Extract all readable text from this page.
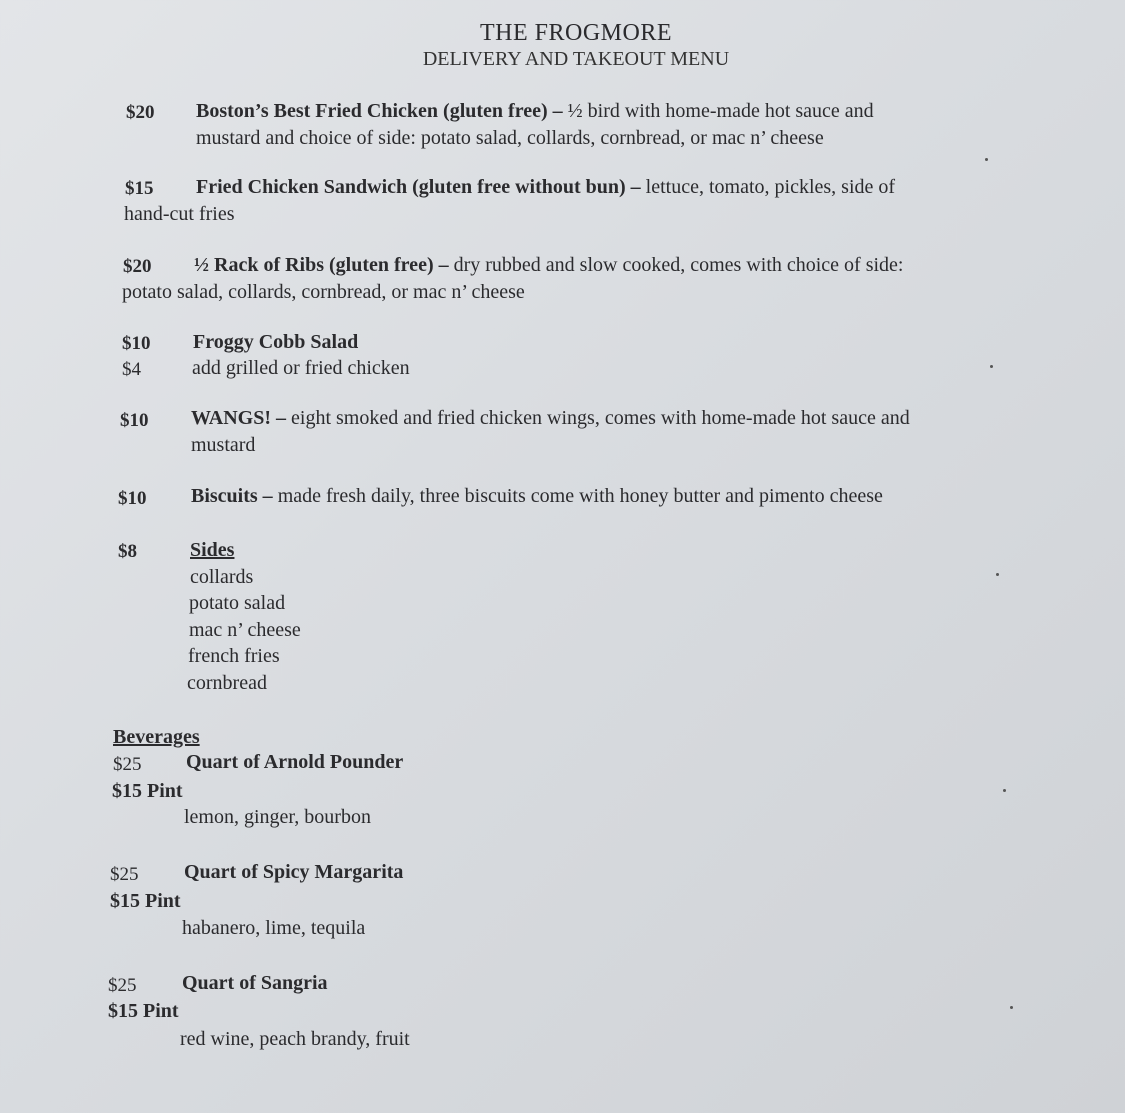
THE FROGMORE
DELIVERY AND TAKEOUT MENU
$20 Boston’s Best Fried Chicken (gluten free) – ½ bird with home-made hot sauce and
mustard and choice of side: potato salad, collards, cornbread, or mac n’ cheese
$15 Fried Chicken Sandwich (gluten free without bun) – lettuce, tomato, pickles, side of
hand-cut fries
$20 ½ Rack of Ribs (gluten free) – dry rubbed and slow cooked, comes with choice of side:
potato salad, collards, cornbread, or mac n’ cheese
$10 Froggy Cobb Salad
$4	add grilled or fried chicken
$10 WANGS! – eight smoked and fried chicken wings, comes with home-made hot sauce and
mustard
$10 Biscuits – made fresh daily, three biscuits come with honey butter and pimento cheese
$8	Sides
collards
potato salad
mac n’ cheese
french fries
cornbread
Beverages
$25 Quart of Arnold Pounder
$15 Pint
lemon, ginger, bourbon
$25 Quart of Spicy Margarita
$15 Pint
habanero, lime, tequila
$25 Quart of Sangria
$15 Pint
red wine, peach brandy, fruit
